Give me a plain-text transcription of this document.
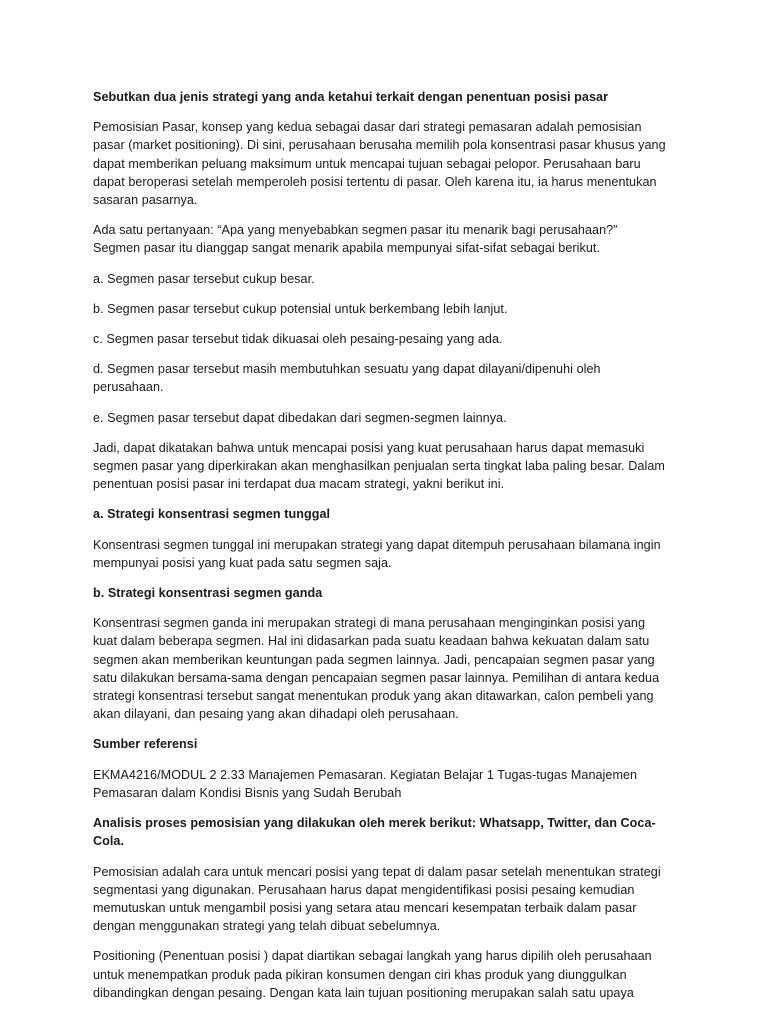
Sebutkan dua jenis strategi yang anda ketahui terkait dengan penentuan posisi pasar

Pemosisian Pasar, konsep yang kedua sebagai dasar dari strategi pemasaran adalah pemosisian pasar (market positioning). Di sini, perusahaan berusaha memilih pola konsentrasi pasar khusus yang dapat memberikan peluang maksimum untuk mencapai tujuan sebagai pelopor. Perusahaan baru dapat beroperasi setelah memperoleh posisi tertentu di pasar. Oleh karena itu, ia harus menentukan sasaran pasarnya.

Ada satu pertanyaan: “Apa yang menyebabkan segmen pasar itu menarik bagi perusahaan?” Segmen pasar itu dianggap sangat menarik apabila mempunyai sifat-sifat sebagai berikut.

a. Segmen pasar tersebut cukup besar.

b. Segmen pasar tersebut cukup potensial untuk berkembang lebih lanjut.

c. Segmen pasar tersebut tidak dikuasai oleh pesaing-pesaing yang ada.

d. Segmen pasar tersebut masih membutuhkan sesuatu yang dapat dilayani/dipenuhi oleh perusahaan.

e. Segmen pasar tersebut dapat dibedakan dari segmen-segmen lainnya.

Jadi, dapat dikatakan bahwa untuk mencapai posisi yang kuat perusahaan harus dapat memasuki segmen pasar yang diperkirakan akan menghasilkan penjualan serta tingkat laba paling besar. Dalam penentuan posisi pasar ini terdapat dua macam strategi, yakni berikut ini.

a. Strategi konsentrasi segmen tunggal

Konsentrasi segmen tunggal ini merupakan strategi yang dapat ditempuh perusahaan bilamana ingin mempunyai posisi yang kuat pada satu segmen saja.

b. Strategi konsentrasi segmen ganda

Konsentrasi segmen ganda ini merupakan strategi di mana perusahaan menginginkan posisi yang kuat dalam beberapa segmen. Hal ini didasarkan pada suatu keadaan bahwa kekuatan dalam satu segmen akan memberikan keuntungan pada segmen lainnya. Jadi, pencapaian segmen pasar yang satu dilakukan bersama-sama dengan pencapaian segmen pasar lainnya. Pemilihan di antara kedua strategi konsentrasi tersebut sangat menentukan produk yang akan ditawarkan, calon pembeli yang akan dilayani, dan pesaing yang akan dihadapi oleh perusahaan.

Sumber referensi

EKMA4216/MODUL 2 2.33 Manajemen Pemasaran. Kegiatan Belajar 1 Tugas-tugas Manajemen Pemasaran dalam Kondisi Bisnis yang Sudah Berubah

Analisis proses pemosisian yang dilakukan oleh merek berikut: Whatsapp, Twitter, dan Coca-Cola.

Pemosisian adalah cara untuk mencari posisi yang tepat di dalam pasar setelah menentukan strategi segmentasi yang digunakan. Perusahaan harus dapat mengidentifikasi posisi pesaing kemudian memutuskan untuk mengambil posisi yang setara atau mencari kesempatan terbaik dalam pasar dengan menggunakan strategi yang telah dibuat sebelumnya.

Positioning (Penentuan posisi ) dapat diartikan sebagai langkah yang harus dipilih oleh perusahaan untuk menempatkan produk pada pikiran konsumen dengan ciri khas produk yang diunggulkan dibandingkan dengan pesaing. Dengan kata lain tujuan positioning merupakan salah satu upaya
